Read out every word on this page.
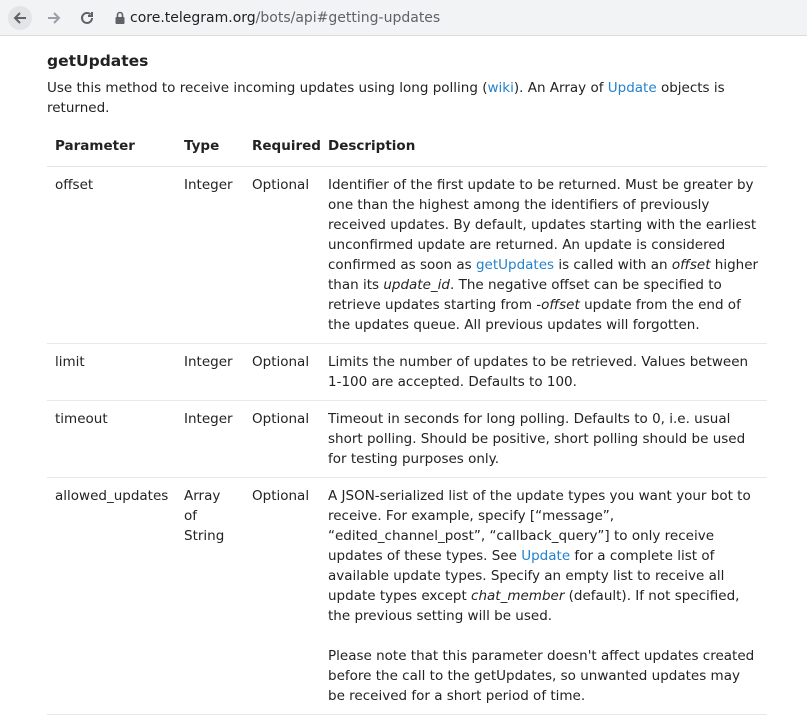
core.telegram.org/bots/api#getting-updates
getUpdates

Use this method to receive incoming updates using long polling (wiki). An Array of Update objects is returned.

Parameter	Type	Required	Description
offset	Integer	Optional	Identifier of the first update to be returned. Must be greater by one than the highest among the identifiers of previously received updates. By default, updates starting with the earliest unconfirmed update are returned. An update is considered confirmed as soon as getUpdates is called with an offset higher than its update_id. The negative offset can be specified to retrieve updates starting from -offset update from the end of the updates queue. All previous updates will forgotten.
limit	Integer	Optional	Limits the number of updates to be retrieved. Values between 1-100 are accepted. Defaults to 100.
timeout	Integer	Optional	Timeout in seconds for long polling. Defaults to 0, i.e. usual short polling. Should be positive, short polling should be used for testing purposes only.
allowed_updates	Array of String	Optional	A JSON-serialized list of the update types you want your bot to receive. For example, specify [“message”, “edited_channel_post”, “callback_query”] to only receive updates of these types. See Update for a complete list of available update types. Specify an empty list to receive all update types except chat_member (default). If not specified, the previous setting will be used.
Please note that this parameter doesn't affect updates created before the call to the getUpdates, so unwanted updates may be received for a short period of time.
